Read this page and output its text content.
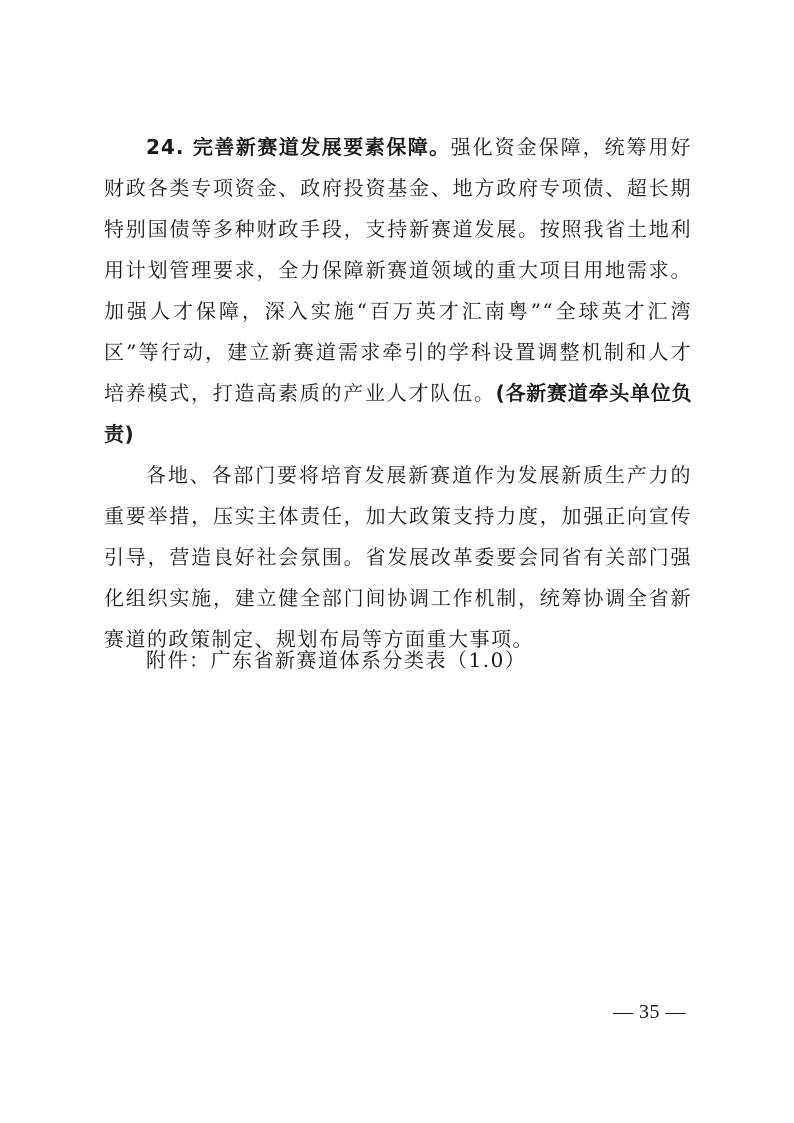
24. 完善新赛道发展要素保障。强化资金保障，统筹用好财政各类专项资金、政府投资基金、地方政府专项债、超长期特别国债等多种财政手段，支持新赛道发展。按照我省土地利用计划管理要求，全力保障新赛道领域的重大项目用地需求。加强人才保障，深入实施“百万英才汇南粤”“全球英才汇湾区”等行动，建立新赛道需求牵引的学科设置调整机制和人才培养模式，打造高素质的产业人才队伍。(各新赛道牵头单位负责)

各地、各部门要将培育发展新赛道作为发展新质生产力的重要举措，压实主体责任，加大政策支持力度，加强正向宣传引导，营造良好社会氛围。省发展改革委要会同省有关部门强化组织实施，建立健全部门间协调工作机制，统筹协调全省新赛道的政策制定、规划布局等方面重大事项。

附件：广东省新赛道体系分类表（1.0）

— 35 —
